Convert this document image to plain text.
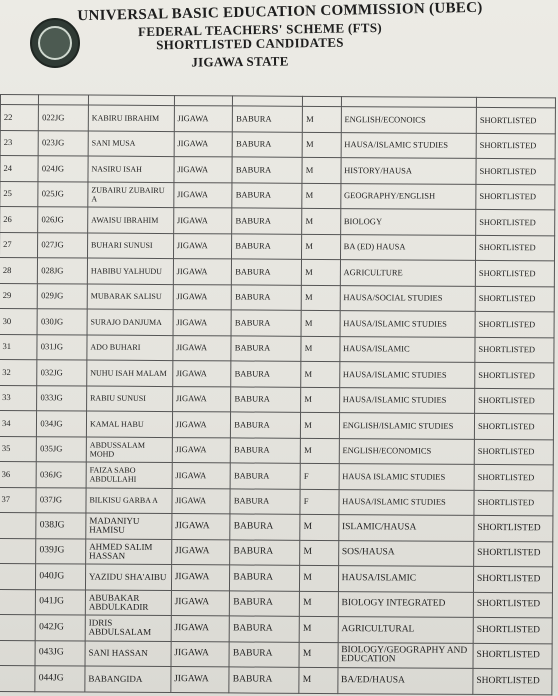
UNIVERSAL BASIC EDUCATION COMMISSION (UBEC)
FEDERAL TEACHERS' SCHEME (FTS)
SHORTLISTED CANDIDATES
JIGAWA STATE

22	022JG	KABIRU IBRAHIM	JIGAWA	BABURA	M	ENGLISH/ECONOICS	SHORTLISTED
23	023JG	SANI MUSA	JIGAWA	BABURA	M	HAUSA/ISLAMIC STUDIES	SHORTLISTED
24	024JG	NASIRU ISAH	JIGAWA	BABURA	M	HISTORY/HAUSA	SHORTLISTED
25	025JG	ZUBAIRU ZUBAIRU A	JIGAWA	BABURA	M	GEOGRAPHY/ENGLISH	SHORTLISTED
26	026JG	AWAISU IBRAHIM	JIGAWA	BABURA	M	BIOLOGY	SHORTLISTED
27	027JG	BUHARI SUNUSI	JIGAWA	BABURA	M	BA (ED) HAUSA	SHORTLISTED
28	028JG	HABIBU YALHUDU	JIGAWA	BABURA	M	AGRICULTURE	SHORTLISTED
29	029JG	MUBARAK SALISU	JIGAWA	BABURA	M	HAUSA/SOCIAL STUDIES	SHORTLISTED
30	030JG	SURAJO DANJUMA	JIGAWA	BABURA	M	HAUSA/ISLAMIC STUDIES	SHORTLISTED
31	031JG	ADO BUHARI	JIGAWA	BABURA	M	HAUSA/ISLAMIC	SHORTLISTED
32	032JG	NUHU ISAH MALAM	JIGAWA	BABURA	M	HAUSA/ISLAMIC STUDIES	SHORTLISTED
33	033JG	RABIU SUNUSI	JIGAWA	BABURA	M	HAUSA/ISLAMIC STUDIES	SHORTLISTED
34	034JG	KAMAL HABU	JIGAWA	BABURA	M	ENGLISH/ISLAMIC STUDIES	SHORTLISTED
35	035JG	ABDUSSALAM MOHD	JIGAWA	BABURA	M	ENGLISH/ECONOMICS	SHORTLISTED
36	036JG	FAIZA SABO ABDULLAHI	JIGAWA	BABURA	F	HAUSA ISLAMIC STUDIES	SHORTLISTED
37	037JG	BILKISU GARBA A	JIGAWA	BABURA	F	HAUSA/ISLAMIC STUDIES	SHORTLISTED
	038JG	MADANIYU HAMISU	JIGAWA	BABURA	M	ISLAMIC/HAUSA	SHORTLISTED
	039JG	AHMED SALIM HASSAN	JIGAWA	BABURA	M	SOS/HAUSA	SHORTLISTED
	040JG	YAZIDU SHA'AIBU	JIGAWA	BABURA	M	HAUSA/ISLAMIC	SHORTLISTED
	041JG	ABUBAKAR ABDULKADIR	JIGAWA	BABURA	M	BIOLOGY INTEGRATED	SHORTLISTED
	042JG	IDRIS ABDULSALAM	JIGAWA	BABURA	M	AGRICULTURAL	SHORTLISTED
	043JG	SANI HASSAN	JIGAWA	BABURA	M	BIOLOGY/GEOGRAPHY AND EDUCATION	SHORTLISTED
	044JG	BABANGIDA	JIGAWA	BABURA	M	BA/ED/HAUSA	SHORTLISTED
